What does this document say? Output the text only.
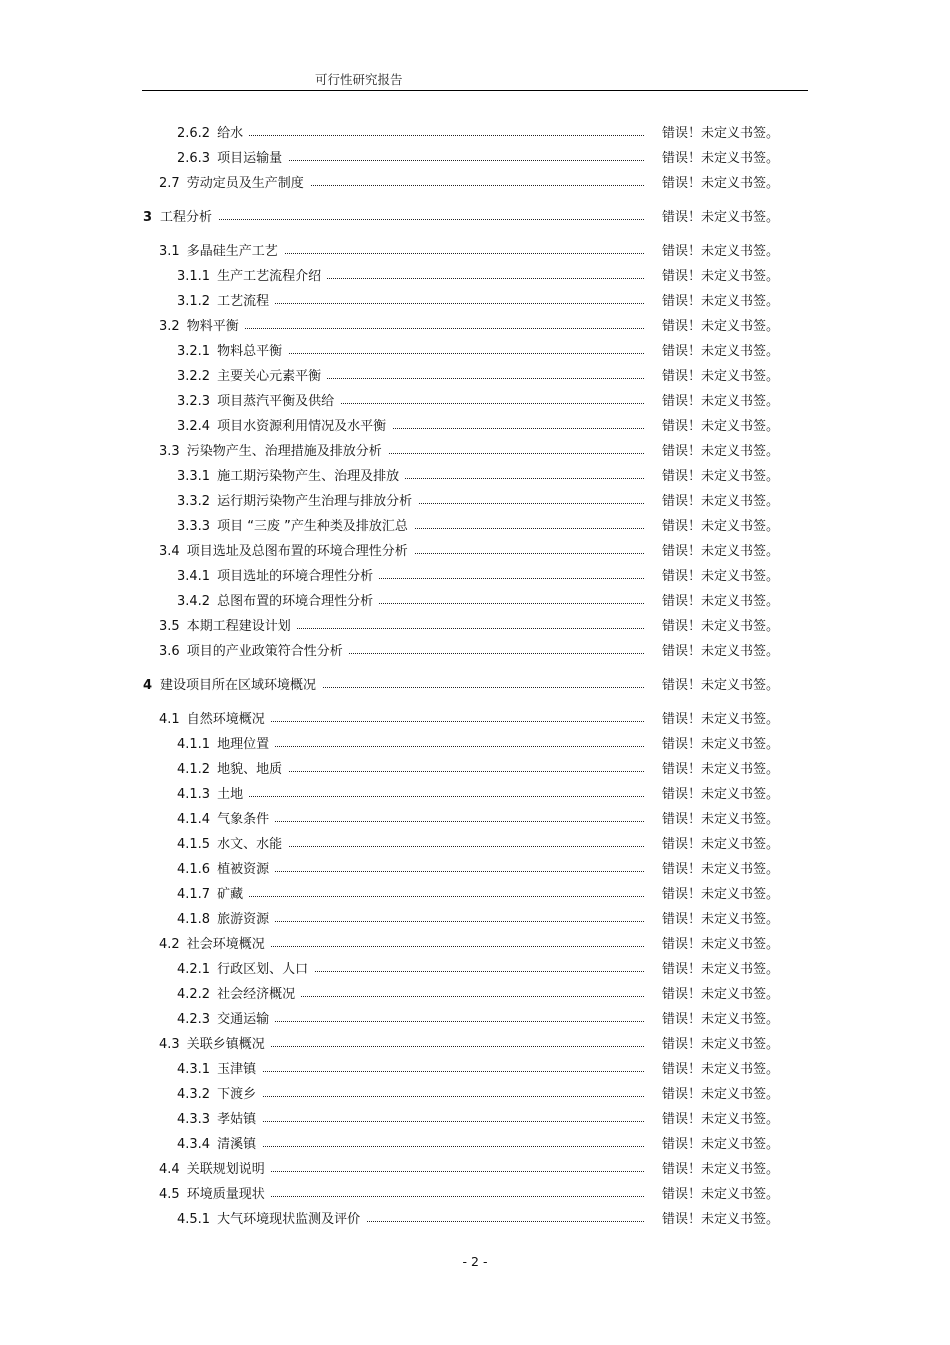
可行性研究报告
2.6.2 给水	错误！未定义书签。
2.6.3 项目运输量	错误！未定义书签。
2.7 劳动定员及生产制度	错误！未定义书签。
3 工程分析	错误！未定义书签。
3.1 多晶硅生产工艺	错误！未定义书签。
3.1.1 生产工艺流程介绍	错误！未定义书签。
3.1.2 工艺流程	错误！未定义书签。
3.2 物料平衡	错误！未定义书签。
3.2.1 物料总平衡	错误！未定义书签。
3.2.2 主要关心元素平衡	错误！未定义书签。
3.2.3 项目蒸汽平衡及供给	错误！未定义书签。
3.2.4 项目水资源利用情况及水平衡	错误！未定义书签。
3.3 污染物产生、治理措施及排放分析	错误！未定义书签。
3.3.1 施工期污染物产生、治理及排放	错误！未定义书签。
3.3.2 运行期污染物产生治理与排放分析	错误！未定义书签。
3.3.3 项目 “三废 ”产生种类及排放汇总	错误！未定义书签。
3.4 项目选址及总图布置的环境合理性分析	错误！未定义书签。
3.4.1 项目选址的环境合理性分析	错误！未定义书签。
3.4.2 总图布置的环境合理性分析	错误！未定义书签。
3.5 本期工程建设计划	错误！未定义书签。
3.6 项目的产业政策符合性分析	错误！未定义书签。
4 建设项目所在区域环境概况	错误！未定义书签。
4.1 自然环境概况	错误！未定义书签。
4.1.1 地理位置	错误！未定义书签。
4.1.2 地貌、地质	错误！未定义书签。
4.1.3 土地	错误！未定义书签。
4.1.4 气象条件	错误！未定义书签。
4.1.5 水文、水能	错误！未定义书签。
4.1.6 植被资源	错误！未定义书签。
4.1.7 矿藏	错误！未定义书签。
4.1.8 旅游资源	错误！未定义书签。
4.2 社会环境概况	错误！未定义书签。
4.2.1 行政区划、人口	错误！未定义书签。
4.2.2 社会经济概况	错误！未定义书签。
4.2.3 交通运输	错误！未定义书签。
4.3 关联乡镇概况	错误！未定义书签。
4.3.1 玉津镇	错误！未定义书签。
4.3.2 下渡乡	错误！未定义书签。
4.3.3 孝姑镇	错误！未定义书签。
4.3.4 清溪镇	错误！未定义书签。
4.4 关联规划说明	错误！未定义书签。
4.5 环境质量现状	错误！未定义书签。
4.5.1 大气环境现状监测及评价	错误！未定义书签。
- 2 -
